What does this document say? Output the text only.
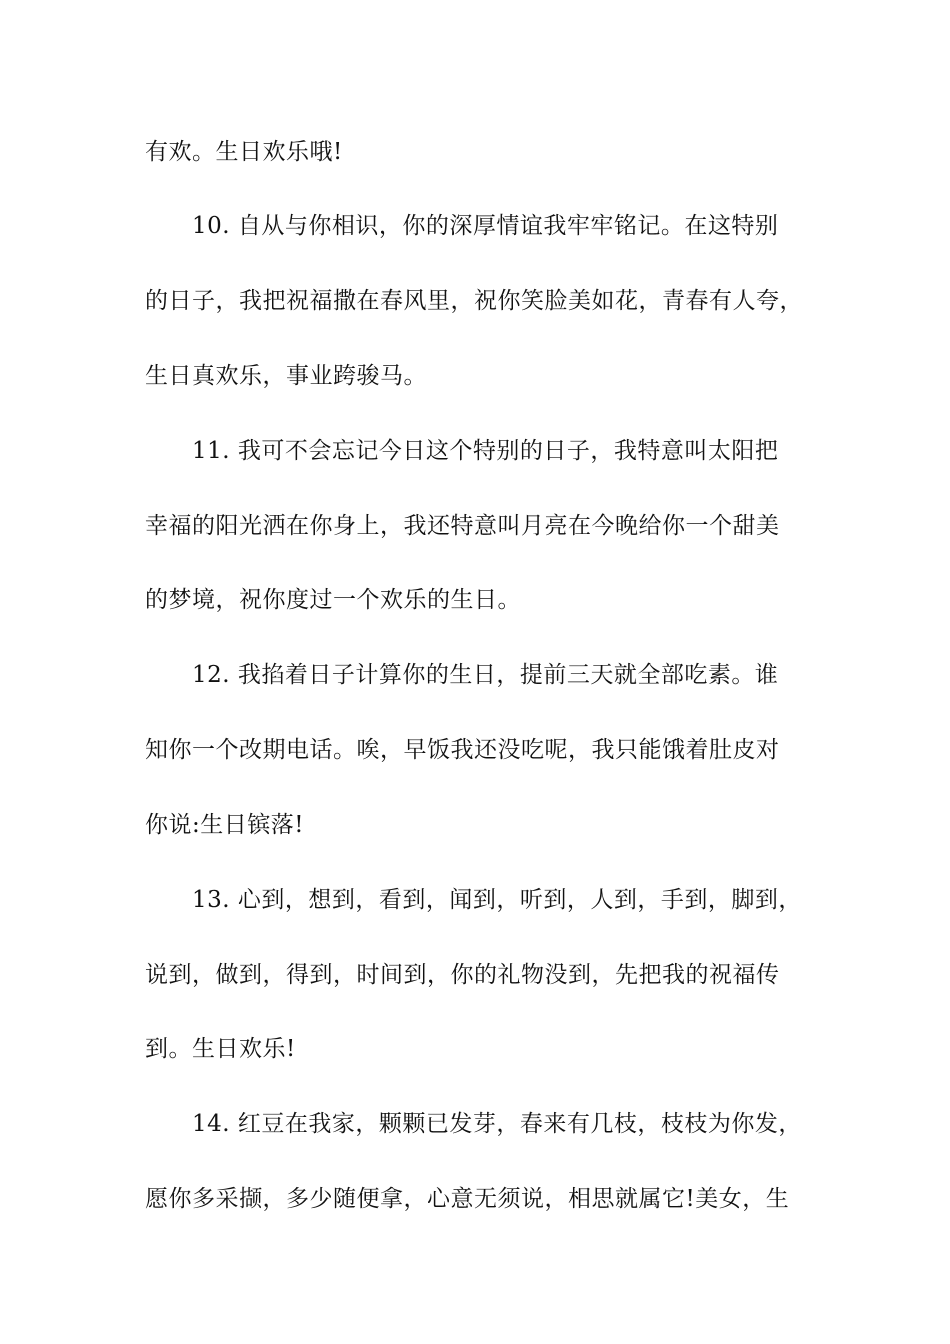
有欢。生日欢乐哦!
10. 自从与你相识，你的深厚情谊我牢牢铭记。在这特别
的日子，我把祝福撒在春风里，祝你笑脸美如花，青春有人夸，
生日真欢乐，事业跨骏马。
11. 我可不会忘记今日这个特别的日子，我特意叫太阳把
幸福的阳光洒在你身上，我还特意叫月亮在今晚给你一个甜美
的梦境，祝你度过一个欢乐的生日。
12. 我掐着日子计算你的生日，提前三天就全部吃素。谁
知你一个改期电话。唉，早饭我还没吃呢，我只能饿着肚皮对
你说:生日镔落!
13. 心到，想到，看到，闻到，听到，人到，手到，脚到，
说到，做到，得到，时间到，你的礼物没到，先把我的祝福传
到。生日欢乐!
14. 红豆在我家，颗颗已发芽，春来有几枝，枝枝为你发，
愿你多采撷，多少随便拿，心意无须说，相思就属它!美女，生
